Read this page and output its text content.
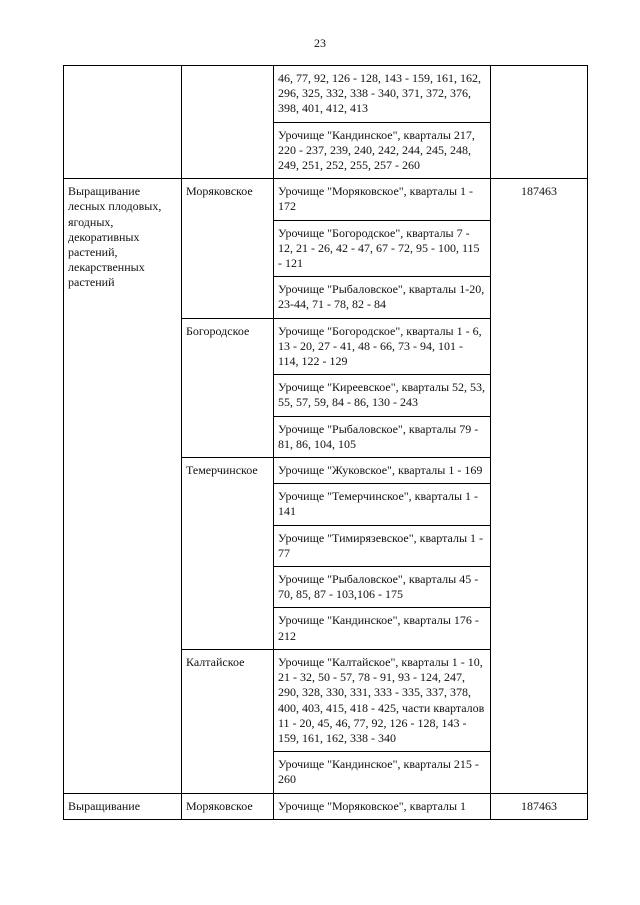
23
		46, 77, 92, 126 - 128, 143 - 159, 161, 162, 296, 325, 332, 338 - 340, 371, 372, 376, 398, 401, 412, 413	
		Урочище "Кандинское", кварталы 217, 220 - 237, 239, 240, 242, 244, 245, 248, 249, 251, 252, 255, 257 - 260	
Выращивание лесных плодовых, ягодных, декоративных растений, лекарственных растений	Моряковское	Урочище "Моряковское", кварталы 1 - 172	187463
		Урочище "Богородское", кварталы 7 - 12, 21 - 26, 42 - 47, 67 - 72, 95 - 100, 115 - 121	
		Урочище "Рыбаловское", кварталы 1-20, 23-44, 71 - 78, 82 - 84	
	Богородское	Урочище "Богородское", кварталы 1 - 6, 13 - 20, 27 - 41, 48 - 66, 73 - 94, 101 - 114, 122 - 129	
		Урочище "Киреевское", кварталы 52, 53, 55, 57, 59, 84 - 86, 130 - 243	
		Урочище "Рыбаловское", кварталы 79 - 81, 86, 104, 105	
	Темерчинское	Урочище "Жуковское", кварталы 1 - 169	
		Урочище "Темерчинское", кварталы 1 - 141	
		Урочище "Тимирязевское", кварталы 1 - 77	
		Урочище "Рыбаловское", кварталы 45 - 70, 85, 87 - 103,106 - 175	
		Урочище "Кандинское", кварталы 176 - 212	
	Калтайское	Урочище "Калтайское", кварталы 1 - 10, 21 - 32, 50 - 57, 78 - 91, 93 - 124, 247, 290, 328, 330, 331, 333 - 335, 337, 378, 400, 403, 415, 418 - 425, части кварталов 11 - 20, 45, 46, 77, 92, 126 - 128, 143 - 159, 161, 162, 338 - 340	
		Урочище "Кандинское", кварталы 215 - 260	
Выращивание	Моряковское	Урочище "Моряковское", кварталы 1	187463
